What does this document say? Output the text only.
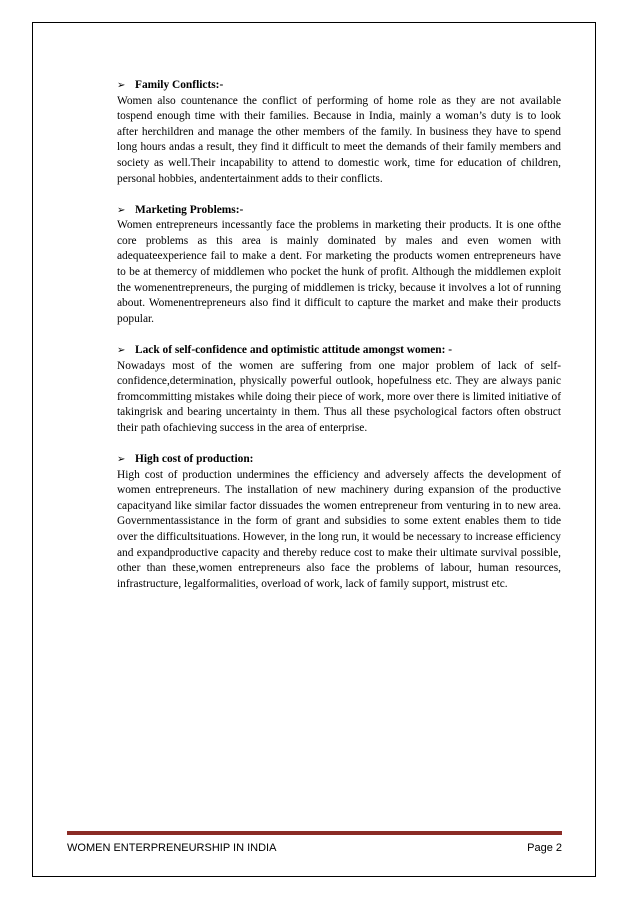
➢ Family Conflicts:-
Women also countenance the conflict of performing of home role as they are not available tospend enough time with their families. Because in India, mainly a woman’s duty is to look after herchildren and manage the other members of the family. In business they have to spend long hours andas a result, they find it difficult to meet the demands of their family members and society as well.Their incapability to attend to domestic work, time for education of children, personal hobbies, andentertainment adds to their conflicts.
➢ Marketing Problems:-
Women entrepreneurs incessantly face the problems in marketing their products. It is one ofthe core problems as this area is mainly dominated by males and even women with adequateexperience fail to make a dent. For marketing the products women entrepreneurs have to be at themercy of middlemen who pocket the hunk of profit. Although the middlemen exploit the womenentrepreneurs, the purging of middlemen is tricky, because it involves a lot of running about. Womenentrepreneurs also find it difficult to capture the market and make their products popular.
➢ Lack of self-confidence and optimistic attitude amongst women: -
Nowadays most of the women are suffering from one major problem of lack of self-confidence,determination, physically powerful outlook, hopefulness etc. They are always panic fromcommitting mistakes while doing their piece of work, more over there is limited initiative of takingrisk and bearing uncertainty in them. Thus all these psychological factors often obstruct their path ofachieving success in the area of enterprise.
➢ High cost of production:
High cost of production undermines the efficiency and adversely affects the development of women entrepreneurs. The installation of new machinery during expansion of the productive capacityand like similar factor dissuades the women entrepreneur from venturing in to new area. Governmentassistance in the form of grant and subsidies to some extent enables them to tide over the difficultsituations. However, in the long run, it would be necessary to increase efficiency and expandproductive capacity and thereby reduce cost to make their ultimate survival possible, other than these,women entrepreneurs also face the problems of labour, human resources, infrastructure, legalformalities, overload of work, lack of family support, mistrust etc.
WOMEN ENTERPRENEURSHIP IN INDIA	Page 2
